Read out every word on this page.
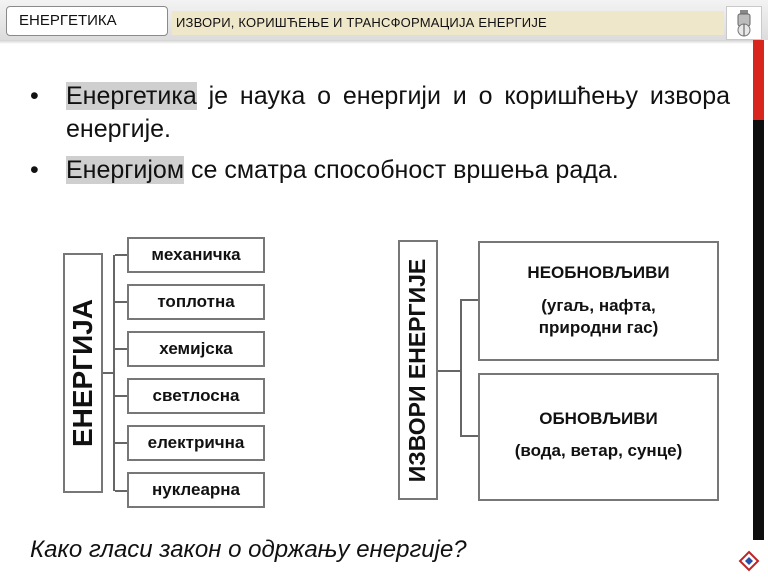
ЕНЕРГЕТИКА	ИЗВОРИ, КОРИШЋЕЊЕ И ТРАНСФОРМАЦИЈА ЕНЕРГИЈЕ
• Енергетика је наука о енергији и о коришћењу извора енергије.
• Енергијом се сматра способност вршења рада.
ЕНЕРГИЈА
механичка
топлотна
хемијска
светлосна
електрична
нуклеарна
ИЗВОРИ ЕНЕРГИЈЕ	НЕОБНОВЉИВИ
(угаљ, нафта, природни гас)
ОБНОВЉИВИ
(вода, ветар, сунце)
Како гласи закон о одржању енергије?
